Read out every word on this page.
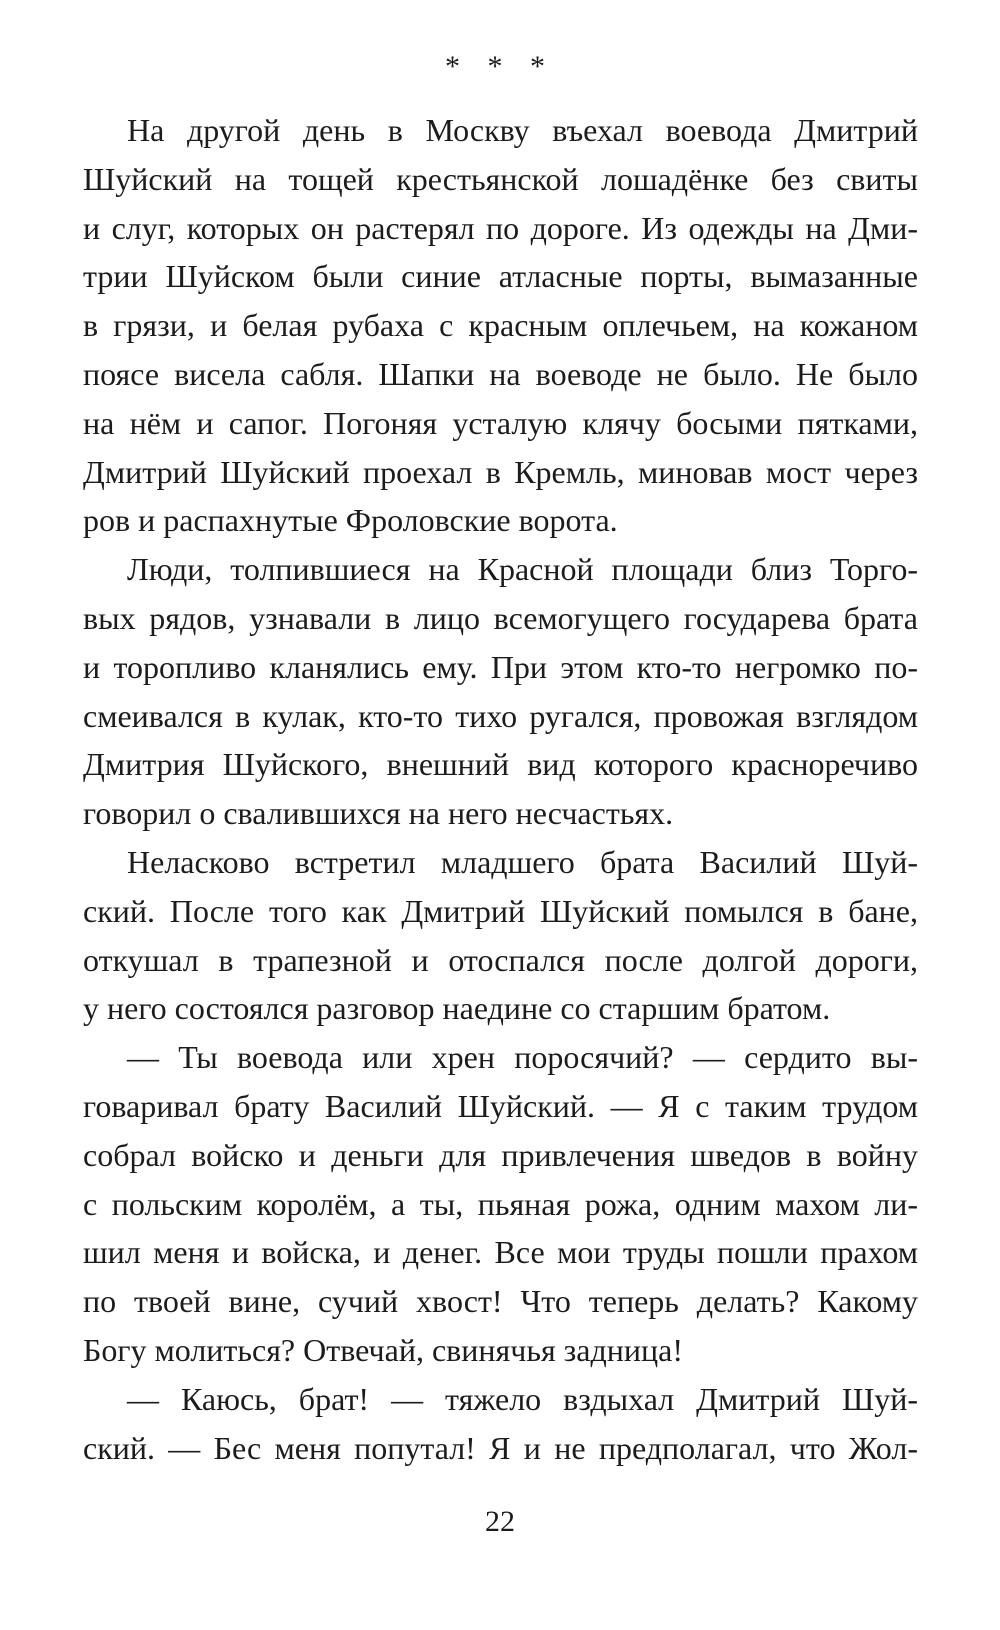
* * *
На другой день в Москву въехал воевода Дмитрий
Шуйский на тощей крестьянской лошадёнке без свиты
и слуг, которых он растерял по дороге. Из одежды на Дми-
трии Шуйском были синие атласные порты, вымазанные
в грязи, и белая рубаха с красным оплечьем, на кожаном
поясе висела сабля. Шапки на воеводе не было. Не было
на нём и сапог. Погоняя усталую клячу босыми пятками,
Дмитрий Шуйский проехал в Кремль, миновав мост через
ров и распахнутые Фроловские ворота.
Люди, толпившиеся на Красной площади близ Торго-
вых рядов, узнавали в лицо всемогущего государева брата
и торопливо кланялись ему. При этом кто-то негромко по-
смеивался в кулак, кто-то тихо ругался, провожая взглядом
Дмитрия Шуйского, внешний вид которого красноречиво
говорил о свалившихся на него несчастьях.
Неласково встретил младшего брата Василий Шуй-
ский. После того как Дмитрий Шуйский помылся в бане,
откушал в трапезной и отоспался после долгой дороги,
у него состоялся разговор наедине со старшим братом.
— Ты воевода или хрен поросячий? — сердито вы-
говаривал брату Василий Шуйский. — Я с таким трудом
собрал войско и деньги для привлечения шведов в войну
с польским королём, а ты, пьяная рожа, одним махом ли-
шил меня и войска, и денег. Все мои труды пошли прахом
по твоей вине, сучий хвост! Что теперь делать? Какому
Богу молиться? Отвечай, свинячья задница!
— Каюсь, брат! — тяжело вздыхал Дмитрий Шуй-
ский. — Бес меня попутал! Я и не предполагал, что Жол-
22
